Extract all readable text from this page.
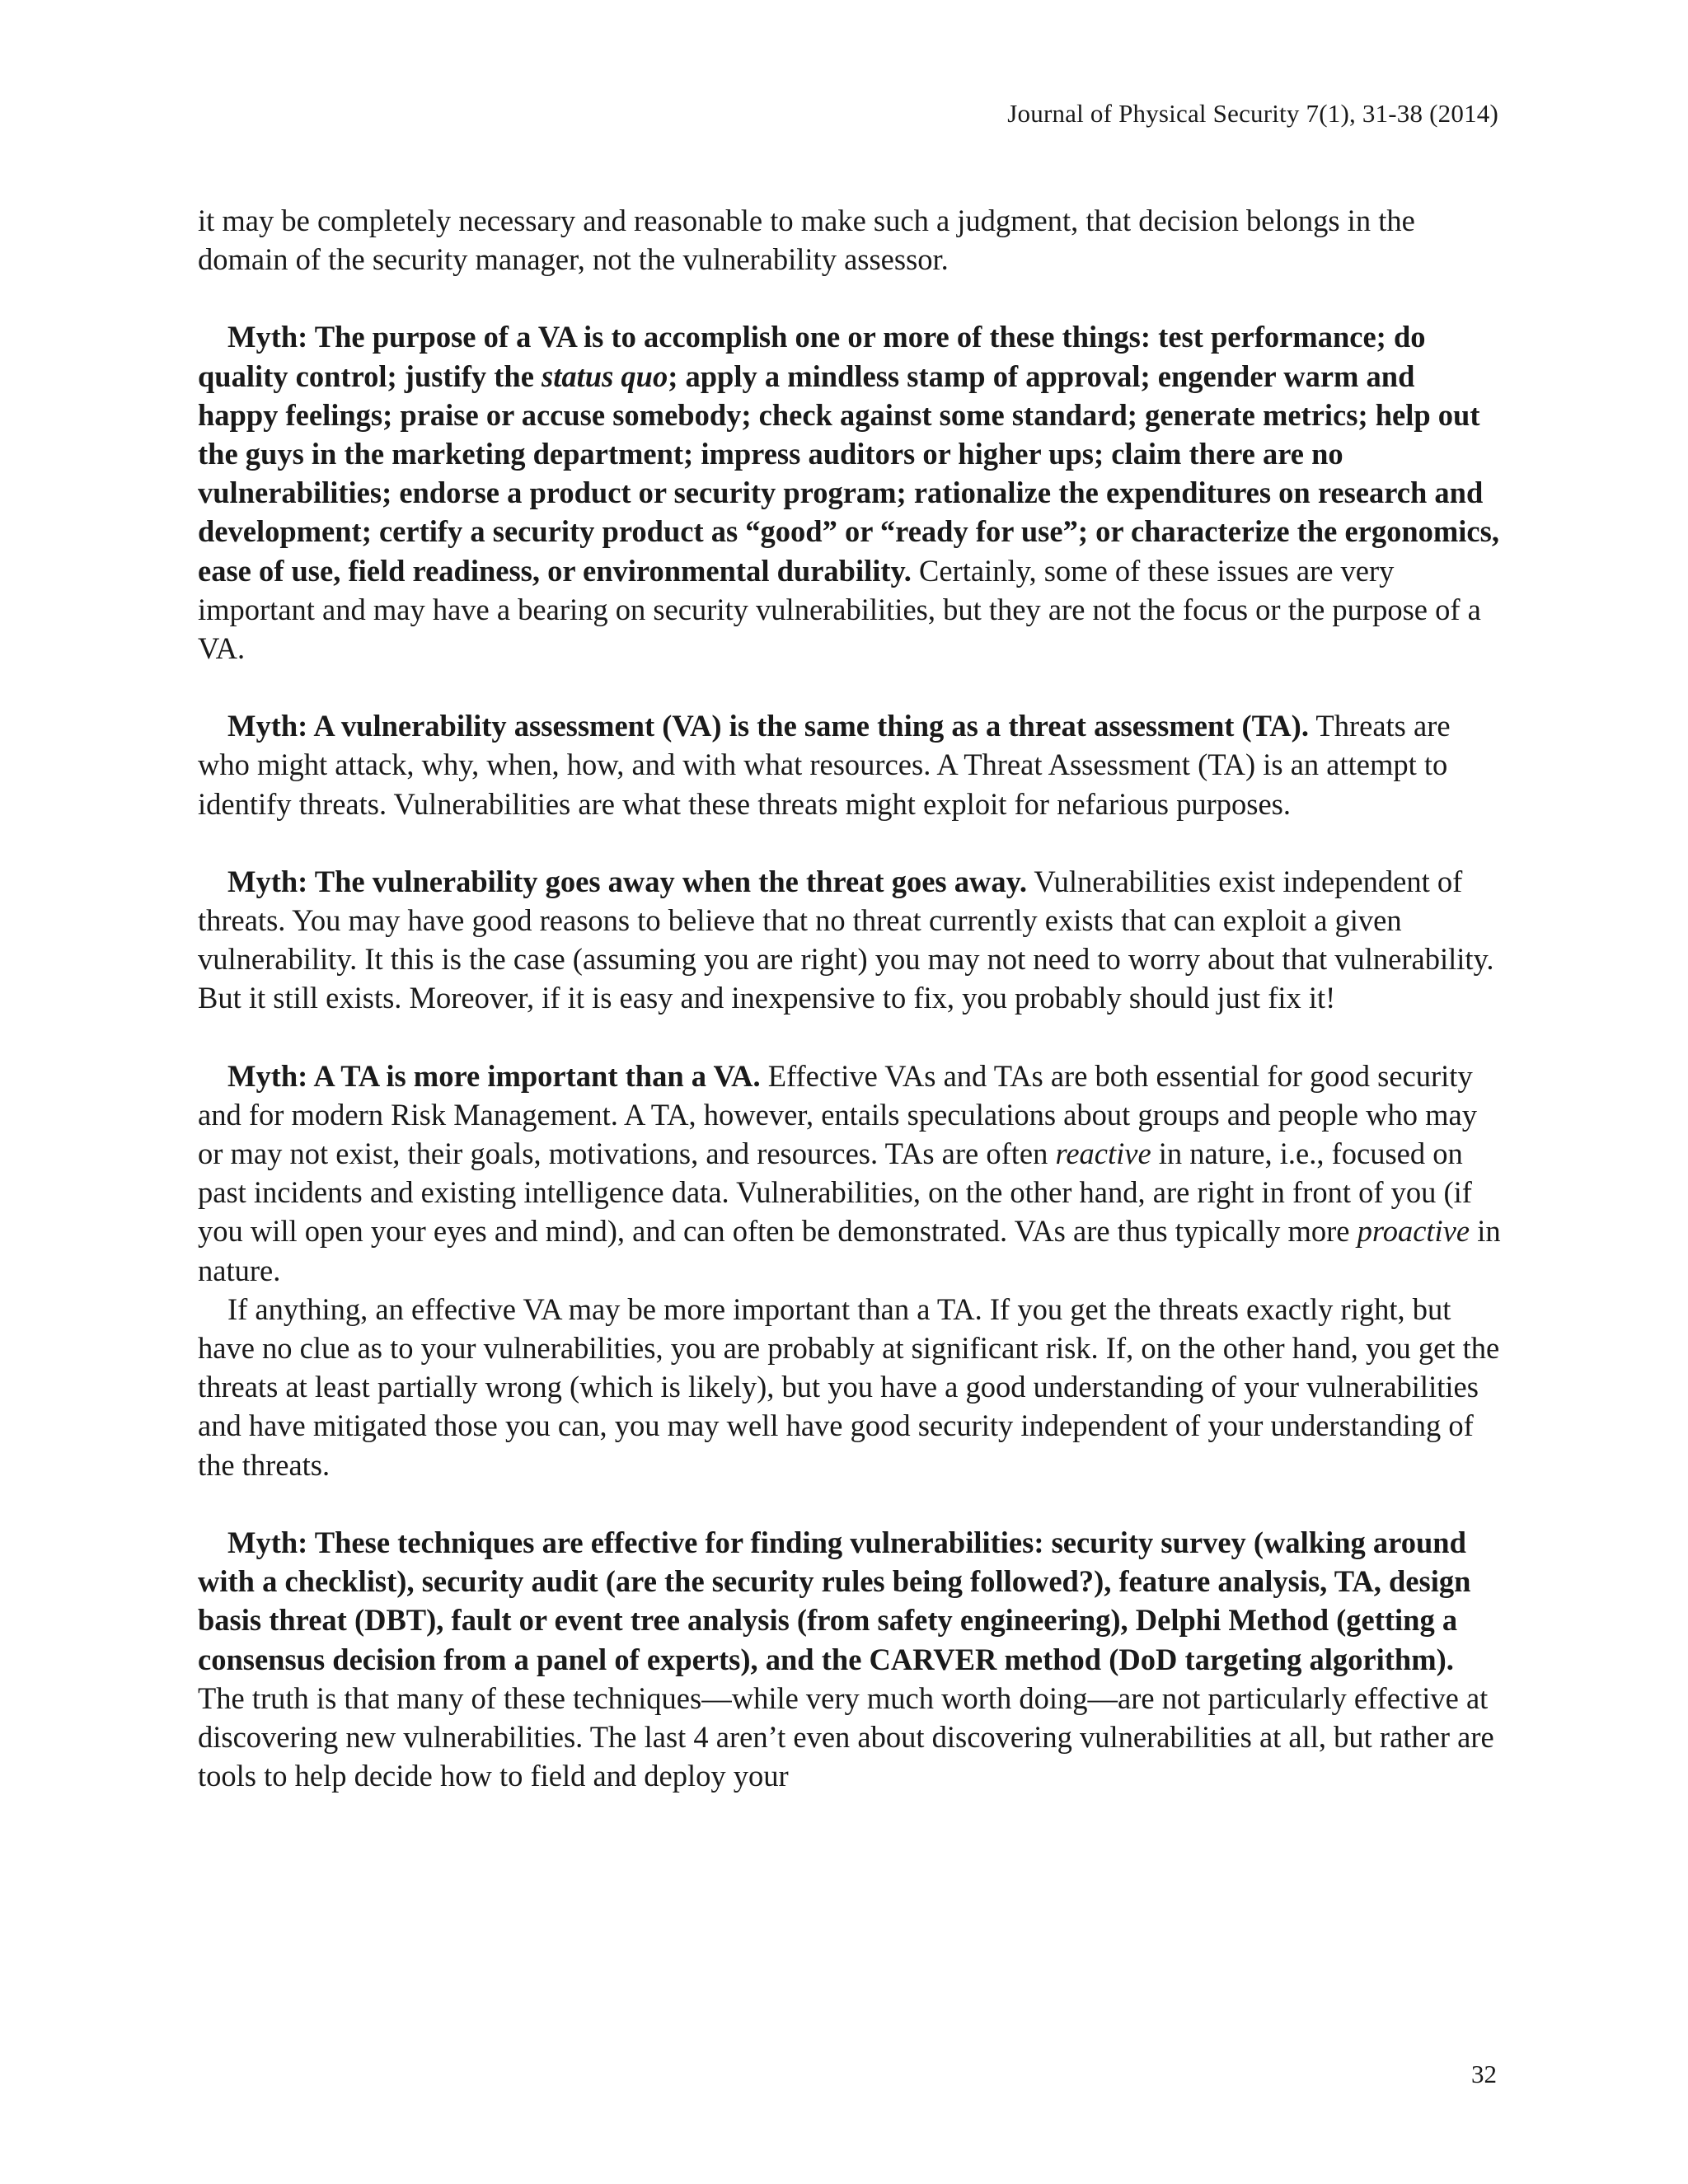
Journal of Physical Security 7(1), 31-38 (2014)

it may be completely necessary and reasonable to make such a judgment, that decision belongs in the domain of the security manager, not the vulnerability assessor.

Myth: The purpose of a VA is to accomplish one or more of these things: test performance; do quality control; justify the status quo; apply a mindless stamp of approval; engender warm and happy feelings; praise or accuse somebody; check against some standard; generate metrics; help out the guys in the marketing department; impress auditors or higher ups; claim there are no vulnerabilities; endorse a product or security program; rationalize the expenditures on research and development; certify a security product as “good” or “ready for use”; or characterize the ergonomics, ease of use, field readiness, or environmental durability. Certainly, some of these issues are very important and may have a bearing on security vulnerabilities, but they are not the focus or the purpose of a VA.

Myth: A vulnerability assessment (VA) is the same thing as a threat assessment (TA). Threats are who might attack, why, when, how, and with what resources. A Threat Assessment (TA) is an attempt to identify threats. Vulnerabilities are what these threats might exploit for nefarious purposes.

Myth: The vulnerability goes away when the threat goes away. Vulnerabilities exist independent of threats. You may have good reasons to believe that no threat currently exists that can exploit a given vulnerability. It this is the case (assuming you are right) you may not need to worry about that vulnerability. But it still exists. Moreover, if it is easy and inexpensive to fix, you probably should just fix it!

Myth: A TA is more important than a VA. Effective VAs and TAs are both essential for good security and for modern Risk Management. A TA, however, entails speculations about groups and people who may or may not exist, their goals, motivations, and resources. TAs are often reactive in nature, i.e., focused on past incidents and existing intelligence data. Vulnerabilities, on the other hand, are right in front of you (if you will open your eyes and mind), and can often be demonstrated. VAs are thus typically more proactive in nature.

If anything, an effective VA may be more important than a TA. If you get the threats exactly right, but have no clue as to your vulnerabilities, you are probably at significant risk. If, on the other hand, you get the threats at least partially wrong (which is likely), but you have a good understanding of your vulnerabilities and have mitigated those you can, you may well have good security independent of your understanding of the threats.

Myth: These techniques are effective for finding vulnerabilities: security survey (walking around with a checklist), security audit (are the security rules being followed?), feature analysis, TA, design basis threat (DBT), fault or event tree analysis (from safety engineering), Delphi Method (getting a consensus decision from a panel of experts), and the CARVER method (DoD targeting algorithm). The truth is that many of these techniques—while very much worth doing—are not particularly effective at discovering new vulnerabilities. The last 4 aren’t even about discovering vulnerabilities at all, but rather are tools to help decide how to field and deploy your

32
